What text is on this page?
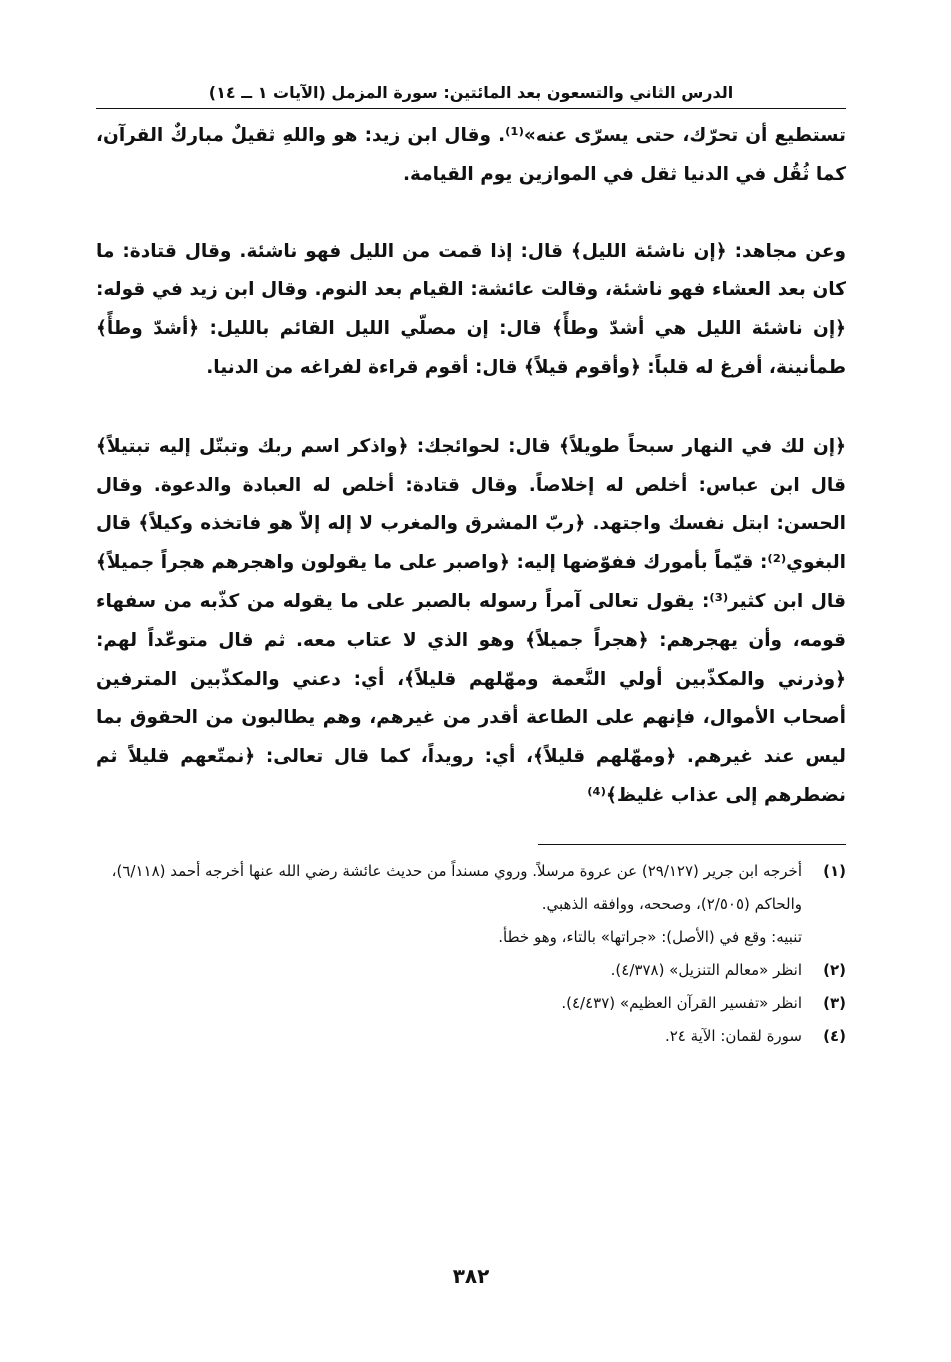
الدرس الثاني والتسعون بعد المائتين: سورة المزمل (الآيات ١ ــ ١٤)

تستطيع أن تحرّك، حتى يسرّى عنه»⁽¹⁾. وقال ابن زيد: هو واللهِ ثقيلٌ مباركٌ القرآن، كما ثُقُل في الدنيا ثقل في الموازين يوم القيامة.

وعن مجاهد: ﴿إن ناشئة الليل﴾ قال: إذا قمت من الليل فهو ناشئة. وقال قتادة: ما كان بعد العشاء فهو ناشئة، وقالت عائشة: القيام بعد النوم. وقال ابن زيد في قوله: ﴿إن ناشئة الليل هي أشدّ وطأً﴾ قال: إن مصلّي الليل القائم بالليل: ﴿أشدّ وطأً﴾ طمأنينة، أفرغ له قلباً: ﴿وأقوم قيلاً﴾ قال: أقوم قراءة لفراغه من الدنيا.

﴿إن لك في النهار سبحاً طويلاً﴾ قال: لحوائجك: ﴿واذكر اسم ربك وتبتّل إليه تبتيلاً﴾ قال ابن عباس: أخلص له إخلاصاً. وقال قتادة: أخلص له العبادة والدعوة. وقال الحسن: ابتل نفسك واجتهد. ﴿ربّ المشرق والمغرب لا إله إلاّ هو فاتخذه وكيلاً﴾ قال البغوي⁽²⁾: قيّماً بأمورك ففوّضها إليه: ﴿واصبر على ما يقولون واهجرهم هجراً جميلاً﴾ قال ابن كثير⁽³⁾: يقول تعالى آمراً رسوله بالصبر على ما يقوله من كذّبه من سفهاء قومه، وأن يهجرهم: ﴿هجراً جميلاً﴾ وهو الذي لا عتاب معه. ثم قال متوعّداً لهم: ﴿وذرني والمكذّبين أولي النَّعمة ومهّلهم قليلاً﴾، أي: دعني والمكذّبين المترفين أصحاب الأموال، فإنهم على الطاعة أقدر من غيرهم، وهم يطالبون من الحقوق بما ليس عند غيرهم. ﴿ومهّلهم قليلاً﴾، أي: رويداً، كما قال تعالى: ﴿نمتّعهم قليلاً ثم نضطرهم إلى عذاب غليظ﴾⁽⁴⁾

(١)
أخرجه ابن جرير (٢٩/١٢٧) عن عروة مرسلاً. وروي مسنداً من حديث عائشة رضي الله عنها أخرجه أحمد (٦/١١٨)، والحاكم (٢/٥٠٥)، وصححه، ووافقه الذهبي.
تنبيه: وقع في (الأصل): «جراتها» بالتاء، وهو خطأ.
(٢)
انظر «معالم التنزيل» (٤/٣٧٨).
(٣)
انظر «تفسير القرآن العظيم» (٤/٤٣٧).
(٤)
سورة لقمان: الآية ٢٤.
٣٨٢
